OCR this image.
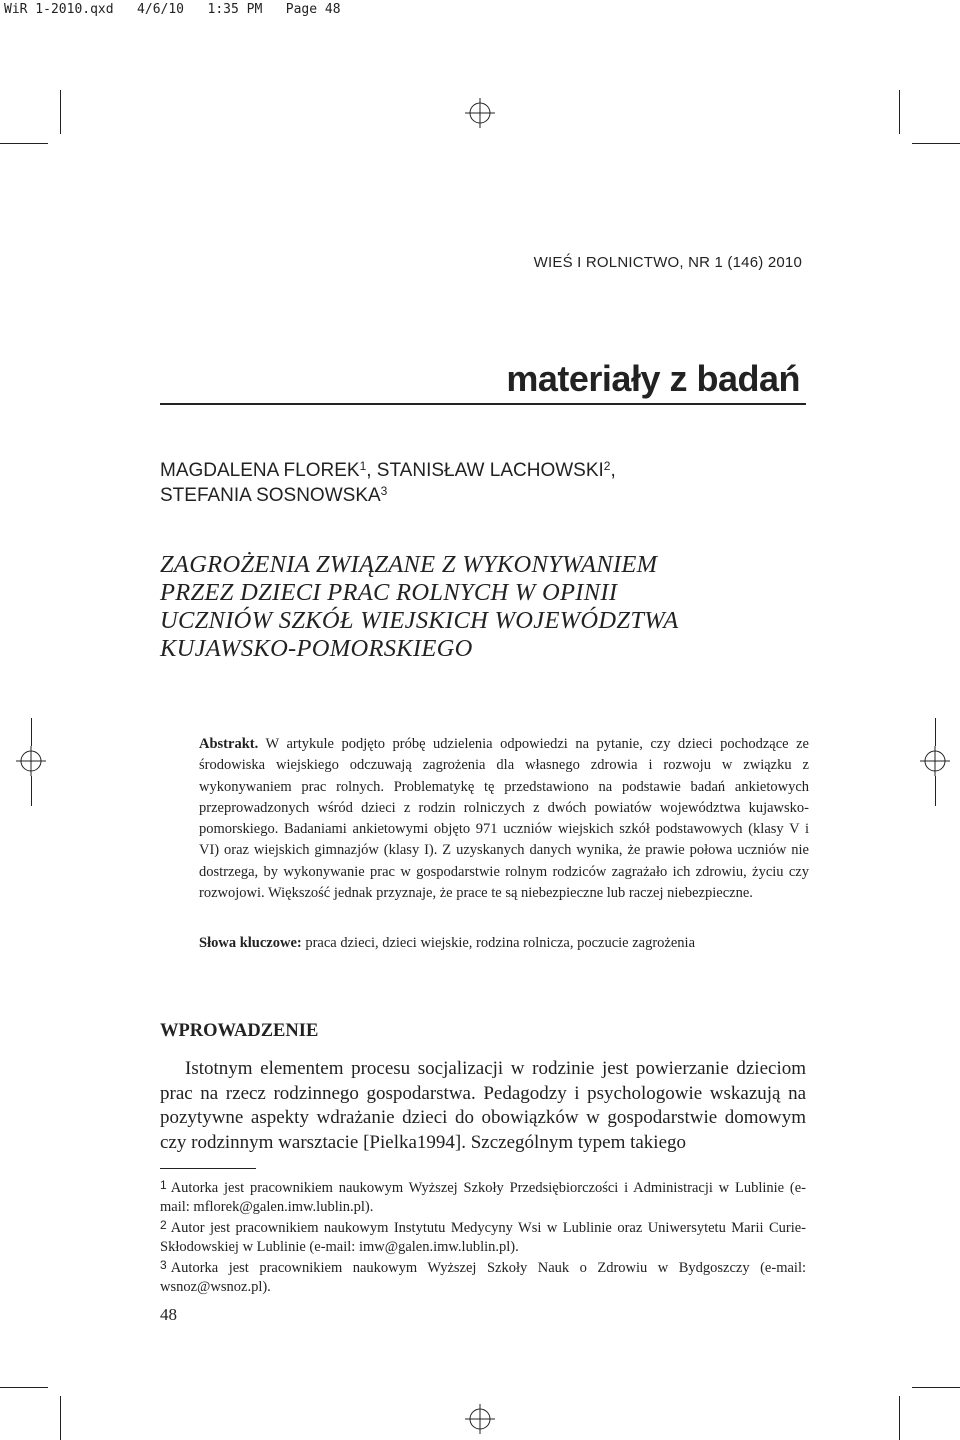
WiR 1-2010.qxd   4/6/10   1:35 PM   Page 48
WIEŚ I ROLNICTWO, NR 1 (146) 2010
materiały z badań
MAGDALENA FLOREK$^1$, STANISŁAW LACHOWSKI$^2$,
STEFANIA SOSNOWSKA$^3$
ZAGROŻENIA ZWIĄZANE Z WYKONYWANIEM
PRZEZ DZIECI PRAC ROLNYCH W OPINII
UCZNIÓW SZKÓŁ WIEJSKICH WOJEWÓDZTWA
KUJAWSKO-POMORSKIEGO
Abstrakt. W artykule podjęto próbę udzielenia odpowiedzi na pytanie, czy dzieci pochodzące ze środowiska wiejskiego odczuwają zagrożenia dla własnego zdrowia i rozwoju w związku z wykonywaniem prac rolnych. Problematykę tę przedstawiono na podstawie badań ankietowych przeprowadzonych wśród dzieci z rodzin rolniczych z dwóch powiatów województwa kujawsko-pomorskiego. Badaniami ankietowymi objęto 971 uczniów wiejskich szkół podstawowych (klasy V i VI) oraz wiejskich gimnazjów (klasy I). Z uzyskanych danych wynika, że prawie połowa uczniów nie dostrzega, by wykonywanie prac w gospodarstwie rolnym rodziców zagrażało ich zdrowiu, życiu czy rozwojowi. Większość jednak przyznaje, że prace te są niebezpieczne lub raczej niebezpieczne.
Słowa kluczowe: praca dzieci, dzieci wiejskie, rodzina rolnicza, poczucie zagrożenia
WPROWADZENIE
Istotnym elementem procesu socjalizacji w rodzinie jest powierzanie dzieciom prac na rzecz rodzinnego gospodarstwa. Pedagodzy i psychologowie wskazują na pozytywne aspekty wdrażanie dzieci do obowiązków w gospodarstwie domowym czy rodzinnym warsztacie [Pielka1994]. Szczególnym typem takiego
$^1$ Autorka jest pracownikiem naukowym Wyższej Szkoły Przedsiębiorczości i Administracji w Lublinie (e-mail: mflorek@galen.imw.lublin.pl).
$^2$ Autor jest pracownikiem naukowym Instytutu Medycyny Wsi w Lublinie oraz Uniwersytetu Marii Curie-Skłodowskiej w Lublinie (e-mail: imw@galen.imw.lublin.pl).
$^3$ Autorka jest pracownikiem naukowym Wyższej Szkoły Nauk o Zdrowiu w Bydgoszczy (e-mail: wsnoz@wsnoz.pl).
48
